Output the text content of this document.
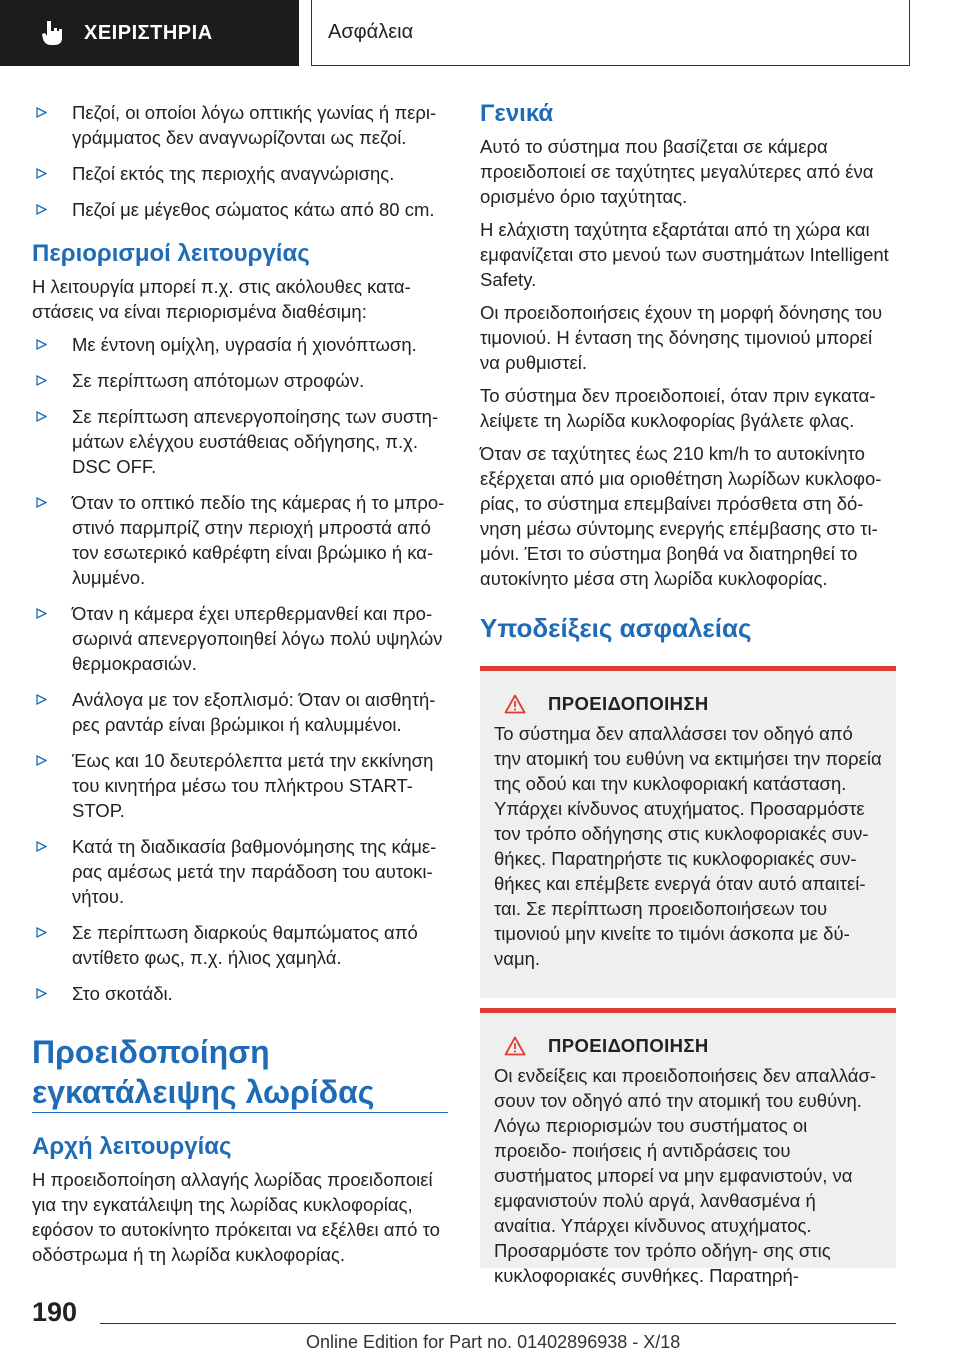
ΧΕΙΡΙΣΤΗΡΙΑ	Ασφάλεια
Πεζοί, οι οποίοι λόγω οπτικής γωνίας ή περι‐ γράμματος δεν αναγνωρίζονται ως πεζοί.
Πεζοί εκτός της περιοχής αναγνώρισης.
Πεζοί με μέγεθος σώματος κάτω από 80 cm.
Περιορισμοί λειτουργίας

Η λειτουργία μπορεί π.χ. στις ακόλουθες κατα‐ στάσεις να είναι περιορισμένα διαθέσιμη:

Με έντονη ομίχλη, υγρασία ή χιονόπτωση.
Σε περίπτωση απότομων στροφών.
Σε περίπτωση απενεργοποίησης των συστη‐ μάτων ελέγχου ευστάθειας οδήγησης, π.χ. DSC OFF.
Όταν το οπτικό πεδίο της κάμερας ή το μπρο‐ στινό παρμπρίζ στην περιοχή μπροστά από τον εσωτερικό καθρέφτη είναι βρώμικο ή κα‐ λυμμένο.
Όταν η κάμερα έχει υπερθερμανθεί και προ‐ σωρινά απενεργοποιηθεί λόγω πολύ υψηλών θερμοκρασιών.
Ανάλογα με τον εξοπλισμό: Όταν οι αισθητή‐ ρες ραντάρ είναι βρώμικοι ή καλυμμένοι.
Έως και 10 δευτερόλεπτα μετά την εκκίνηση του κινητήρα μέσω του πλήκτρου START- STOP.
Κατά τη διαδικασία βαθμονόμησης της κάμε‐ ρας αμέσως μετά την παράδοση του αυτοκι‐ νήτου.
Σε περίπτωση διαρκούς θαμπώματος από αντίθετο φως, π.χ. ήλιος χαμηλά.
Στο σκοτάδι.
Προειδοποίηση εγκατάλειψης λωρίδας
Αρχή λειτουργίας

Η προειδοποίηση αλλαγής λωρίδας προειδοποιεί για την εγκατάλειψη της λωρίδας κυκλοφορίας, εφόσον το αυτοκίνητο πρόκειται να εξέλθει από το οδόστρωμα ή τη λωρίδα κυκλοφορίας.

Γενικά

Αυτό το σύστημα που βασίζεται σε κάμερα προειδοποιεί σε ταχύτητες μεγαλύτερες από ένα ορισμένο όριο ταχύτητας.

Η ελάχιστη ταχύτητα εξαρτάται από τη χώρα και εμφανίζεται στο μενού των συστημάτων Intelligent Safety.

Οι προειδοποιήσεις έχουν τη μορφή δόνησης του τιμονιού. Η ένταση της δόνησης τιμονιού μπορεί να ρυθμιστεί.

Το σύστημα δεν προειδοποιεί, όταν πριν εγκατα‐ λείψετε τη λωρίδα κυκλοφορίας βγάλετε φλας.

Όταν σε ταχύτητες έως 210 km/h το αυτοκίνητο εξέρχεται από μια οριοθέτηση λωρίδων κυκλοφο‐ ρίας, το σύστημα επεμβαίνει πρόσθετα στη δό‐ νηση μέσω σύντομης ενεργής επέμβασης στο τι‐ μόνι. Έτσι το σύστημα βοηθά να διατηρηθεί το αυτοκίνητο μέσα στη λωρίδα κυκλοφορίας.

Υποδείξεις ασφαλείας
ΠΡΟΕΙΔΟΠΟΙΗΣΗ

Το σύστημα δεν απαλλάσσει τον οδηγό από την ατομική του ευθύνη να εκτιμήσει την πορεία της οδού και την κυκλοφοριακή κατάσταση. Υπάρχει κίνδυνος ατυχήματος. Προσαρμόστε τον τρόπο οδήγησης στις κυκλοφοριακές συν‐ θήκες. Παρατηρήστε τις κυκλοφοριακές συν‐ θήκες και επέμβετε ενεργά όταν αυτό απαιτεί‐ ται. Σε περίπτωση προειδοποιήσεων του τιμονιού μην κινείτε το τιμόνι άσκοπα με δύ‐ ναμη.

ΠΡΟΕΙΔΟΠΟΙΗΣΗ

Οι ενδείξεις και προειδοποιήσεις δεν απαλλάσ‐ σουν τον οδηγό από την ατομική του ευθύνη. Λόγω περιορισμών του συστήματος οι προειδο‐ ποιήσεις ή αντιδράσεις του συστήματος μπορεί να μην εμφανιστούν, να εμφανιστούν πολύ αργά, λανθασμένα ή αναίτια. Υπάρχει κίνδυνος ατυχήματος. Προσαρμόστε τον τρόπο οδήγη‐ σης στις κυκλοφοριακές συνθήκες. Παρατηρή‐

190
Online Edition for Part no. 01402896938 - X/18
